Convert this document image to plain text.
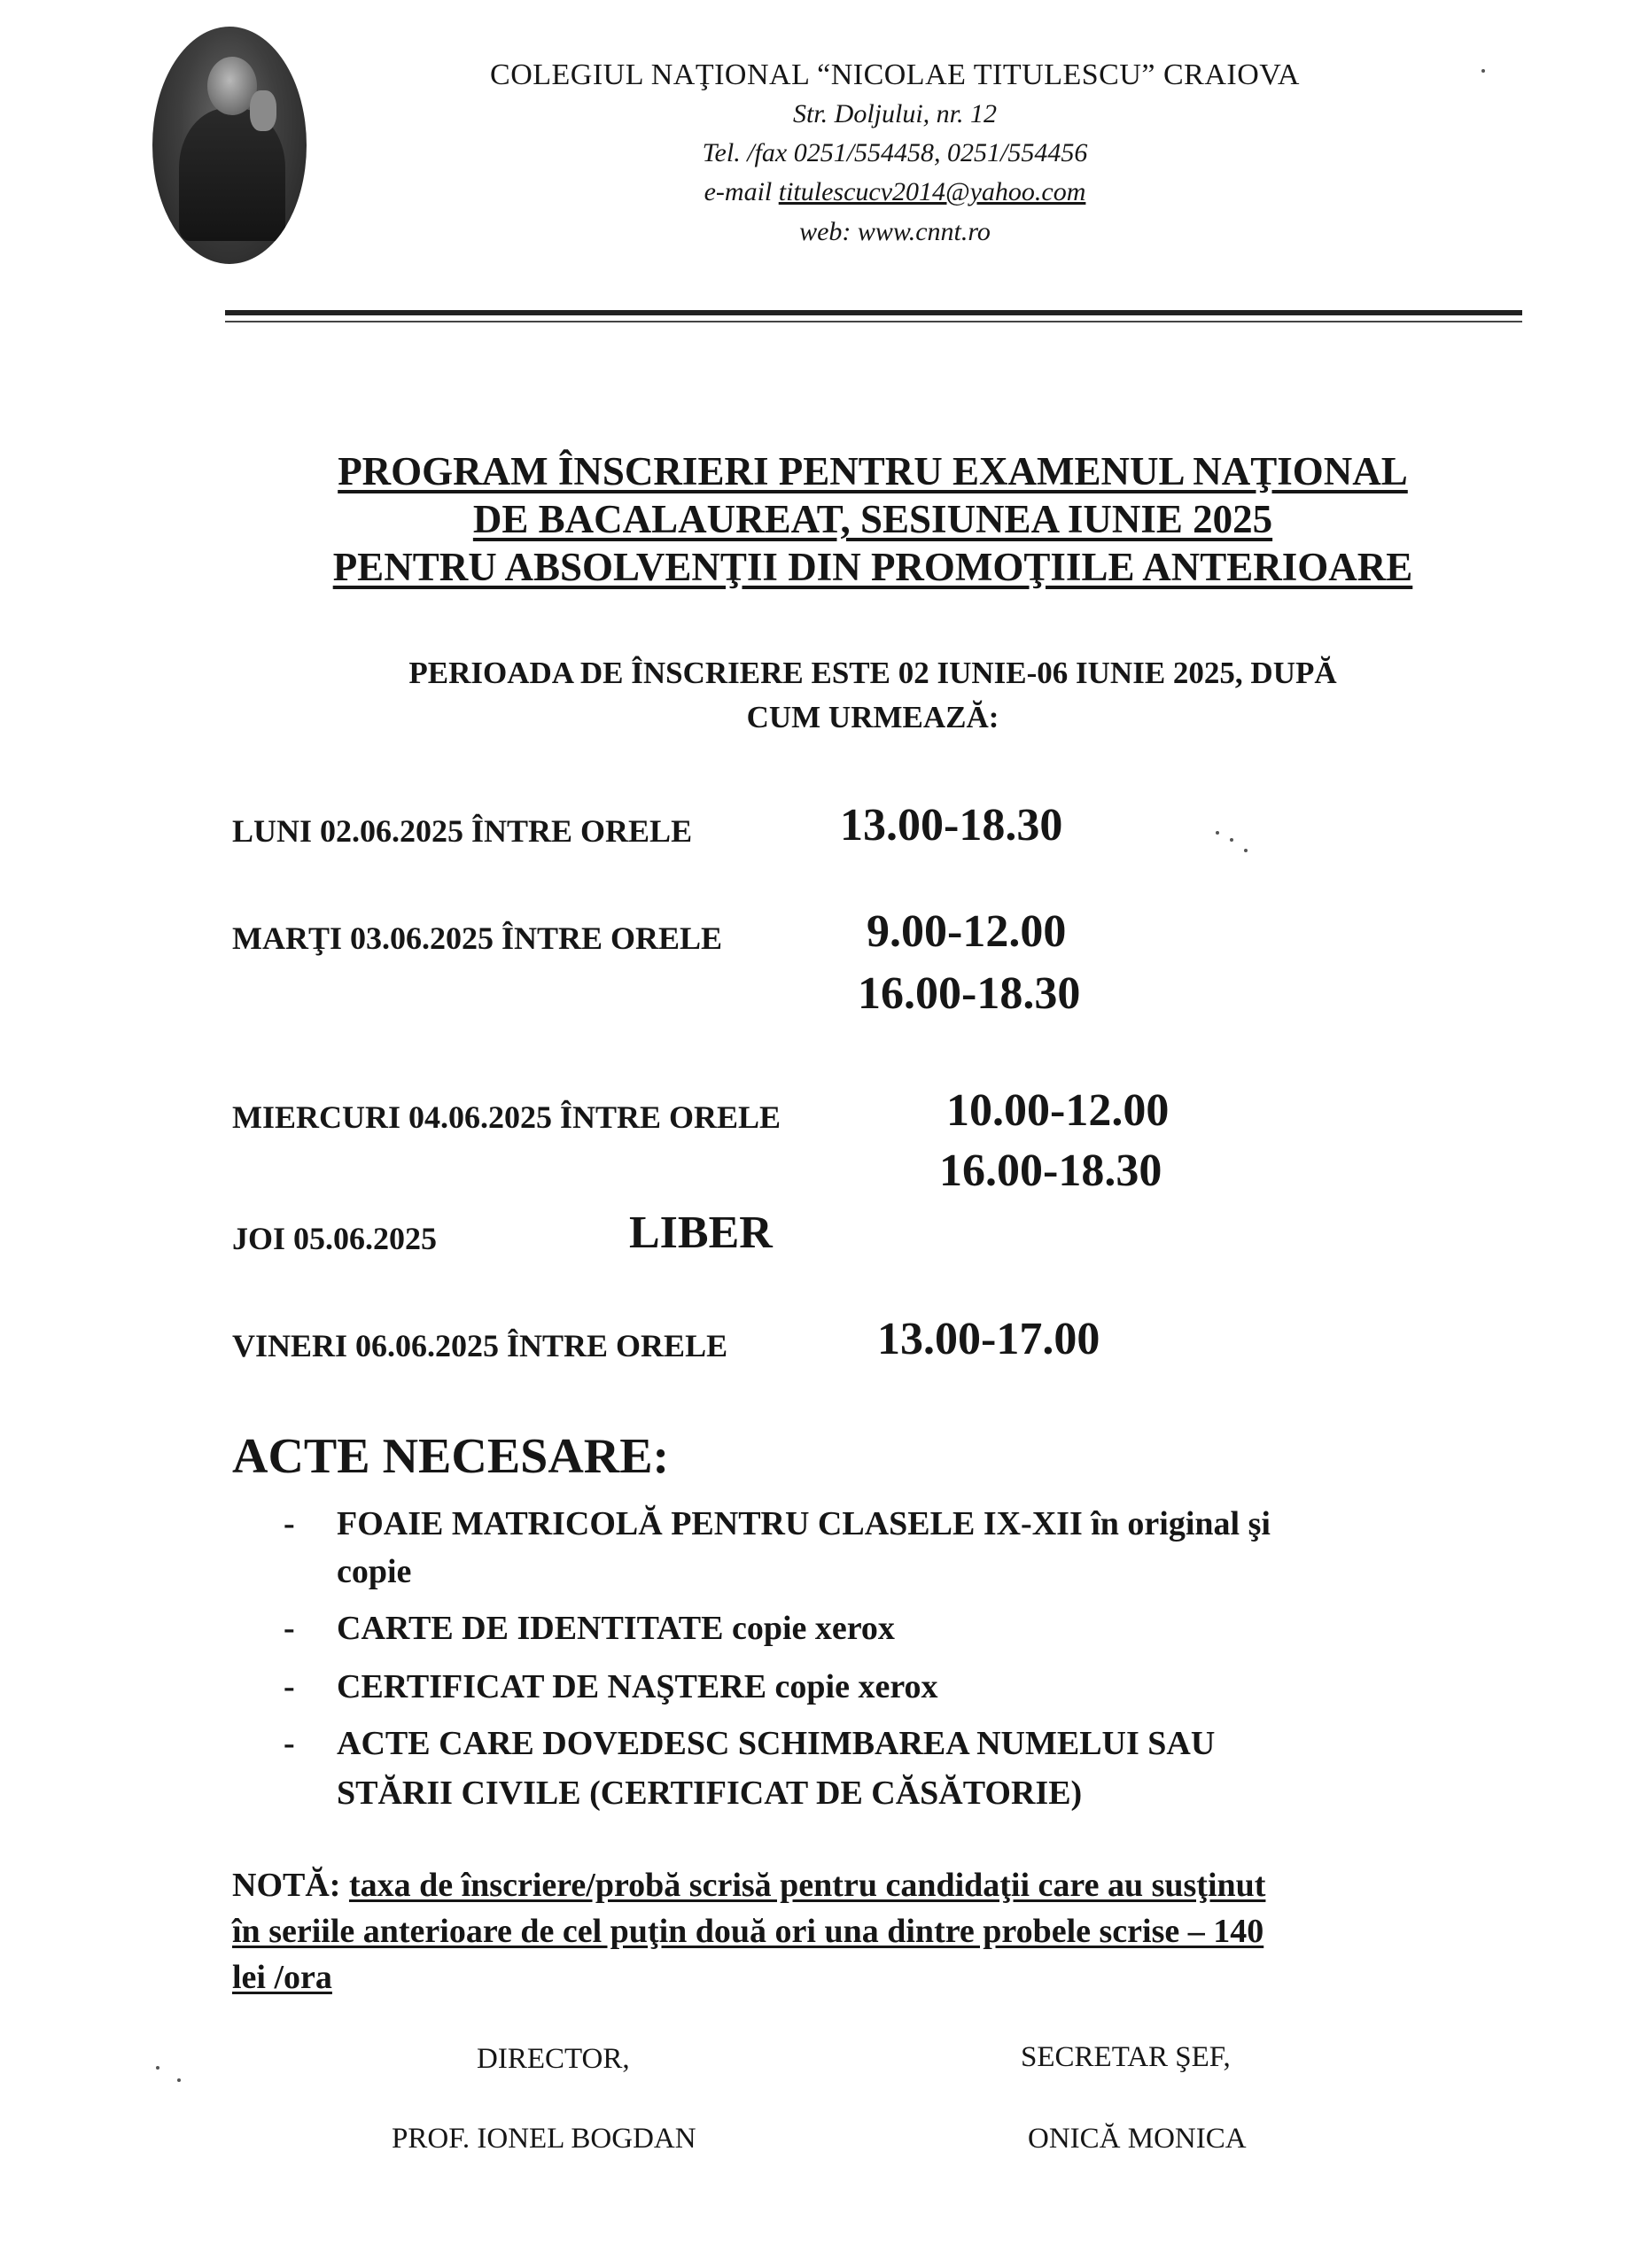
COLEGIUL NAŢIONAL “NICOLAE TITULESCU” CRAIOVA
Str. Doljului, nr. 12
Tel. /fax 0251/554458, 0251/554456
e-mail titulescucv2014@yahoo.com
web: www.cnnt.ro
PROGRAM ÎNSCRIERI PENTRU EXAMENUL NAŢIONAL
DE BACALAUREAT, SESIUNEA IUNIE 2025
PENTRU ABSOLVENŢII DIN PROMOŢIILE ANTERIOARE
PERIOADA DE ÎNSCRIERE ESTE 02 IUNIE-06 IUNIE 2025, DUPĂ
CUM URMEAZĂ:
LUNI 02.06.2025 ÎNTRE ORELE	13.00-18.30
MARŢI 03.06.2025 ÎNTRE ORELE	9.00-12.00
16.00-18.30
MIERCURI 04.06.2025 ÎNTRE ORELE	10.00-12.00
16.00-18.30
JOI 05.06.2025	LIBER
VINERI 06.06.2025 ÎNTRE ORELE	13.00-17.00
ACTE NECESARE:
- FOAIE MATRICOLĂ PENTRU CLASELE IX-XII în original şi
copie
- CARTE DE IDENTITATE copie xerox
- CERTIFICAT DE NAŞTERE copie xerox
- ACTE CARE DOVEDESC SCHIMBAREA NUMELUI SAU
STĂRII CIVILE (CERTIFICAT DE CĂSĂTORIE)
NOTĂ: taxa de înscriere/probă scrisă pentru candidaţii care au susţinut
în seriile anterioare de cel puţin două ori una dintre probele scrise – 140
lei /ora
DIRECTOR,
PROF. IONEL BOGDAN
SECRETAR ŞEF,
ONICĂ MONICA
